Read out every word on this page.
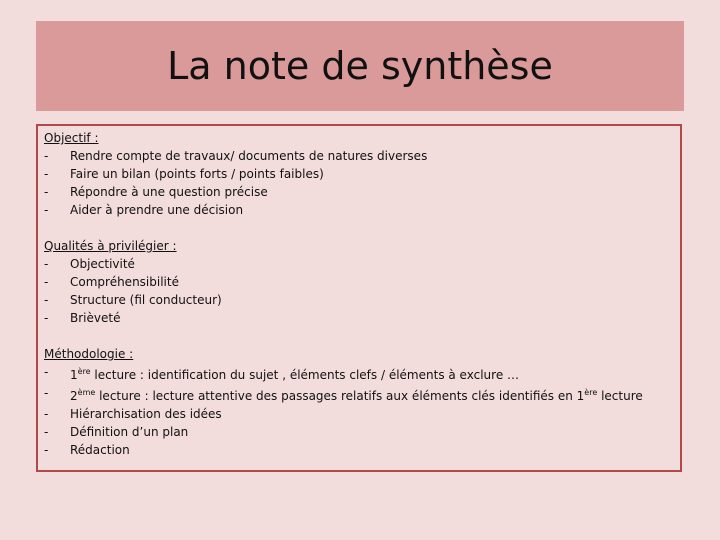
La note de synthèse
Objectif :
-	Rendre compte de travaux/ documents de natures diverses
-	Faire un bilan (points forts / points faibles)
-	Répondre à une question précise
-	Aider à prendre une décision
Qualités à privilégier :
-	Objectivité
-	Compréhensibilité
-	Structure (fil conducteur)
-	Brièveté
Méthodologie :
-	1ère lecture : identification du sujet , éléments clefs / éléments à exclure …
-	2ème lecture : lecture attentive des passages relatifs aux éléments clés identifiés en 1ère lecture
-	Hiérarchisation des idées
-	Définition d’un plan
-	Rédaction
